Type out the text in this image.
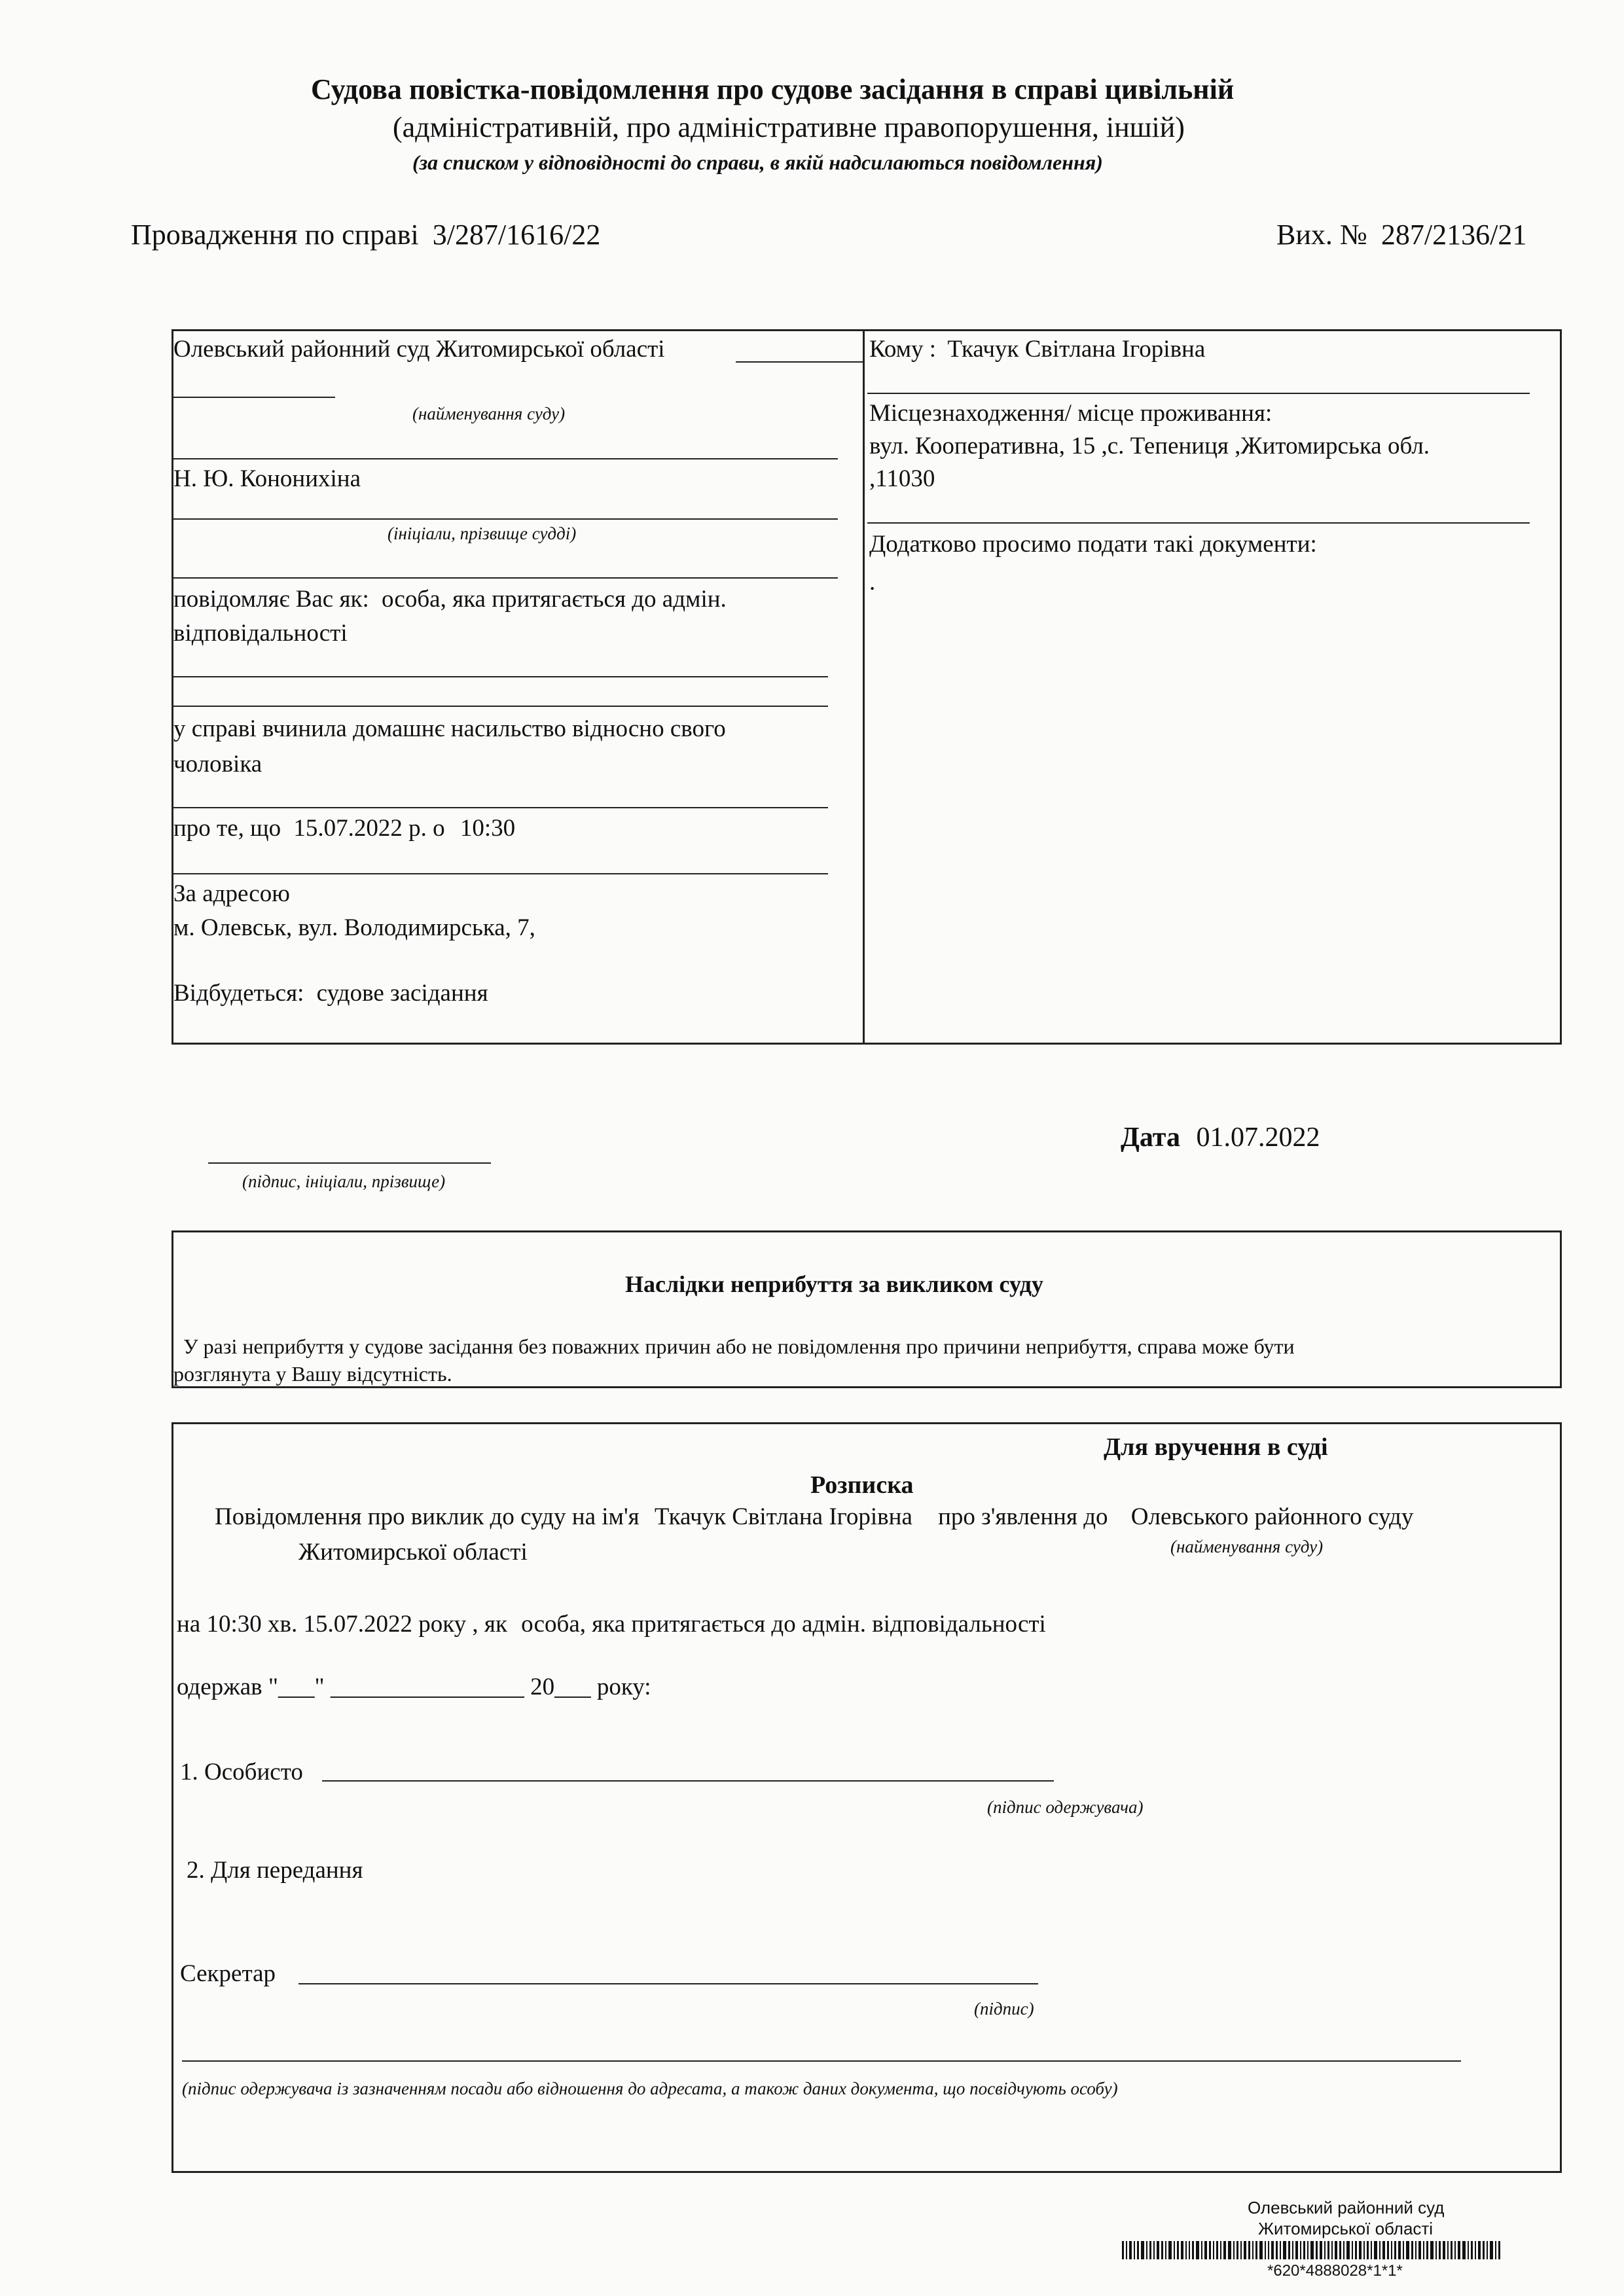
Судова повістка-повідомлення про судове засідання в справі цивільній
(адміністративній, про адміністративне правопорушення, іншій)
(за списком у відповідності до справи, в якій надсилаються повідомлення)
Провадження по справі 3/287/1616/22	Вих. № 287/2136/21
Олевський районний суд Житомирської області
(найменування суду)
Н. Ю. Кононихіна
(ініціали, прізвище судді)
повідомляє Вас як: особа, яка притягається до адмін.
відповідальності
у справі вчинила домашнє насильство відносно свого
чоловіка
про те, що 15.07.2022 р. о 10:30
За адресою
м. Олевськ, вул. Володимирська, 7,
Відбудеться: судове засідання
Кому : Ткачук Світлана Ігорівна
Місцезнаходження/ місце проживання:
вул. Кооперативна, 15 ,с. Тепениця ,Житомирська обл.
,11030
Додатково просимо подати такі документи:
.
(підпис, ініціали, прізвище)
Дата 01.07.2022
Наслідки неприбуття за викликом суду
У разі неприбуття у судове засідання без поважних причин або не повідомлення про причини неприбуття, справа може бути
розглянута у Вашу відсутність.
Для вручення в суді
Розписка
Повідомлення про виклик до суду на ім'я Ткачук Світлана Ігорівна про з'явлення до Олевського районного суду
Житомирської області	(найменування суду)
на 10:30 хв. 15.07.2022 року , як особа, яка притягається до адмін. відповідальності
одержав "___" ________________ 20___ року:
1. Особисто
(підпис одержувача)
2. Для передання
Секретар
(підпис)
(підпис одержувача із зазначенням посади або відношення до адресата, а також даних документа, що посвідчують особу)
Олевський районний суд
Житомирської області
*620*4888028*1*1*
